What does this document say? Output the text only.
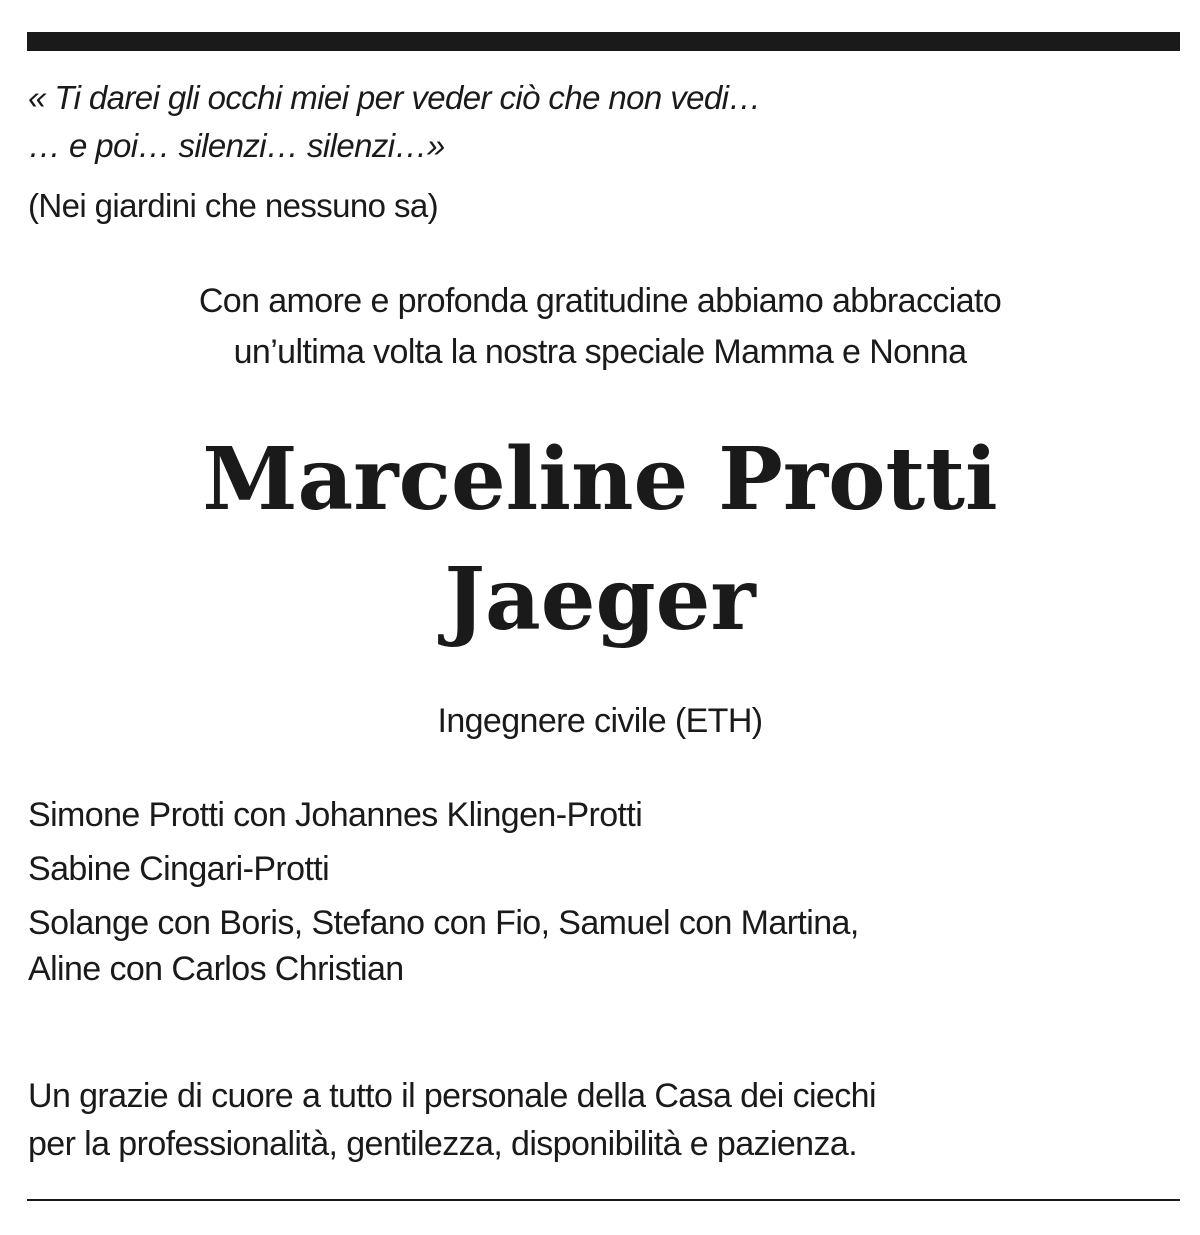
« Ti darei gli occhi miei per veder ciò che non vedi…
… e poi… silenzi… silenzi…»

(Nei giardini che nessuno sa)

Con amore e profonda gratitudine abbiamo abbracciato
un’ultima volta la nostra speciale Mamma e Nonna

Marceline Protti
Jaeger

Ingegnere civile (ETH)

Simone Protti con Johannes Klingen-Protti

Sabine Cingari-Protti

Solange con Boris, Stefano con Fio, Samuel con Martina,
Aline con Carlos Christian

Un grazie di cuore a tutto il personale della Casa dei ciechi
per la professionalità, gentilezza, disponibilità e pazienza.
